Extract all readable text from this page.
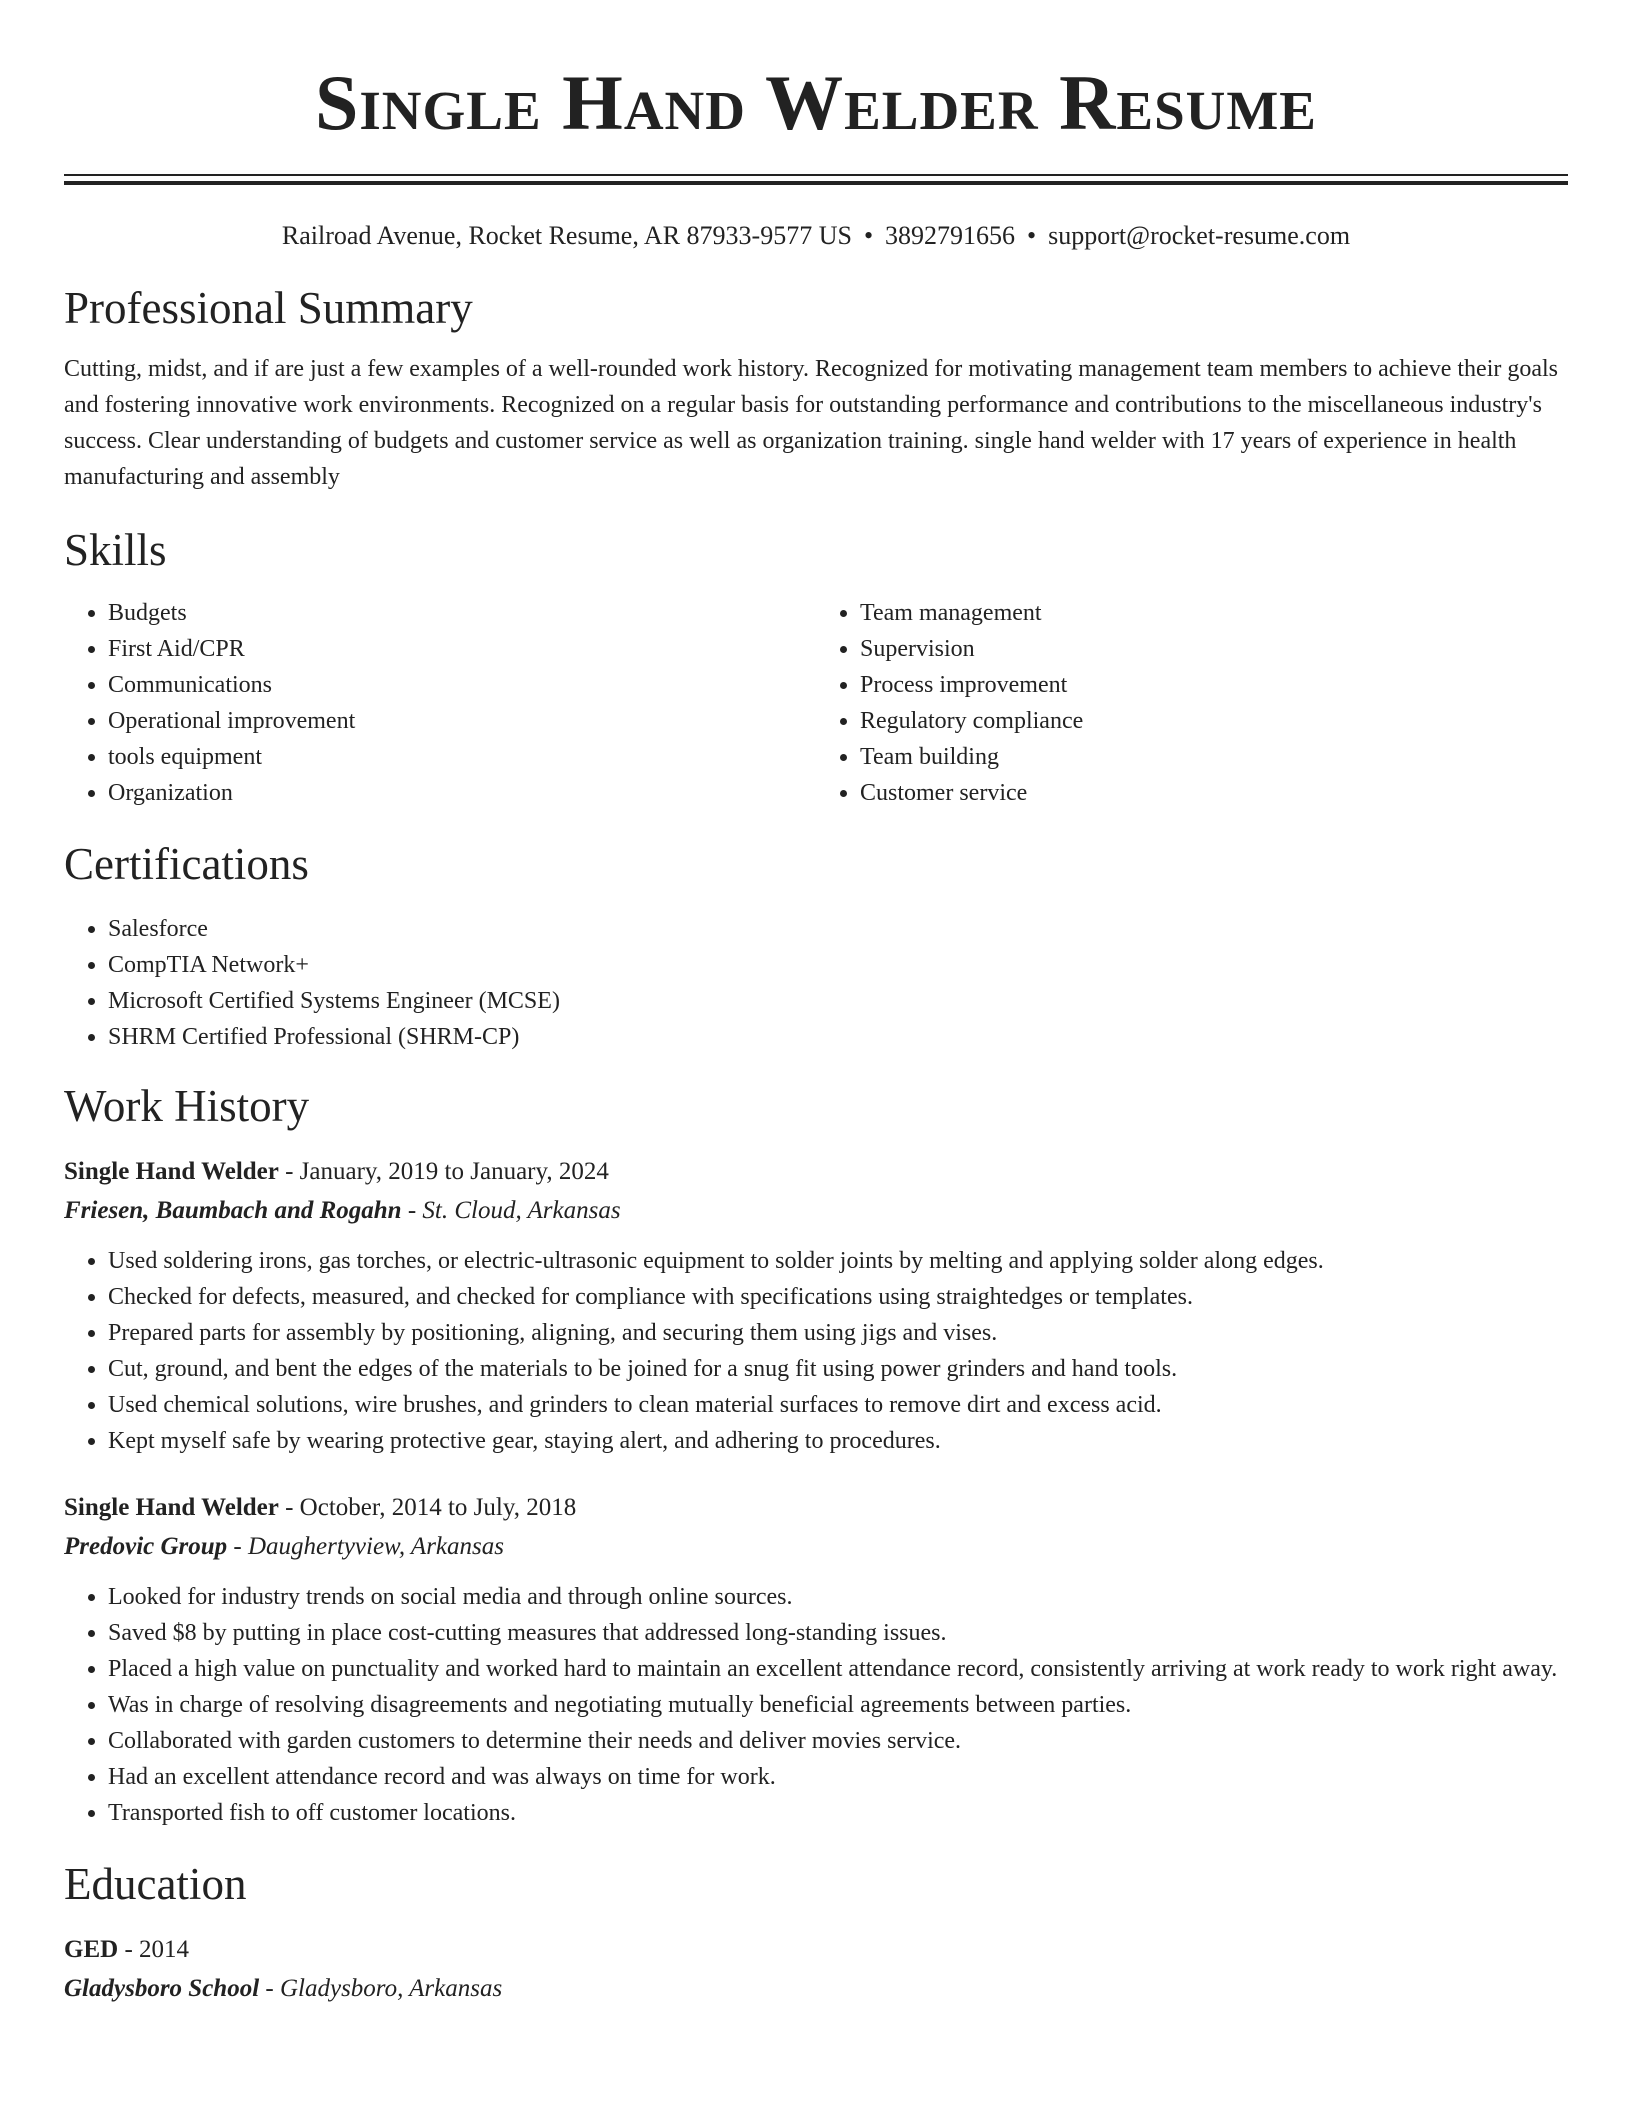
Single Hand Welder Resume
Railroad Avenue, Rocket Resume, AR 87933-9577 US • 3892791656 • support@rocket-resume.com
Professional Summary

Cutting, midst, and if are just a few examples of a well-rounded work history. Recognized for motivating management team members to achieve their goals and fostering innovative work environments. Recognized on a regular basis for outstanding performance and contributions to the miscellaneous industry's success. Clear understanding of budgets and customer service as well as organization training. single hand welder with 17 years of experience in health manufacturing and assembly

Skills
• Budgets
• First Aid/CPR
• Communications
• Operational improvement
• tools equipment
• Organization
• Team management
• Supervision
• Process improvement
• Regulatory compliance
• Team building
• Customer service
Certifications
• Salesforce
• CompTIA Network+
• Microsoft Certified Systems Engineer (MCSE)
• SHRM Certified Professional (SHRM-CP)
Work History
Single Hand Welder - January, 2019 to January, 2024
Friesen, Baumbach and Rogahn - St. Cloud, Arkansas
• Used soldering irons, gas torches, or electric-ultrasonic equipment to solder joints by melting and applying solder along edges.
• Checked for defects, measured, and checked for compliance with specifications using straightedges or templates.
• Prepared parts for assembly by positioning, aligning, and securing them using jigs and vises.
• Cut, ground, and bent the edges of the materials to be joined for a snug fit using power grinders and hand tools.
• Used chemical solutions, wire brushes, and grinders to clean material surfaces to remove dirt and excess acid.
• Kept myself safe by wearing protective gear, staying alert, and adhering to procedures.
Single Hand Welder - October, 2014 to July, 2018
Predovic Group - Daughertyview, Arkansas
• Looked for industry trends on social media and through online sources.
• Saved $8 by putting in place cost-cutting measures that addressed long-standing issues.
• Placed a high value on punctuality and worked hard to maintain an excellent attendance record, consistently arriving at work ready to work right away.
• Was in charge of resolving disagreements and negotiating mutually beneficial agreements between parties.
• Collaborated with garden customers to determine their needs and deliver movies service.
• Had an excellent attendance record and was always on time for work.
• Transported fish to off customer locations.
Education
GED - 2014
Gladysboro School - Gladysboro, Arkansas
